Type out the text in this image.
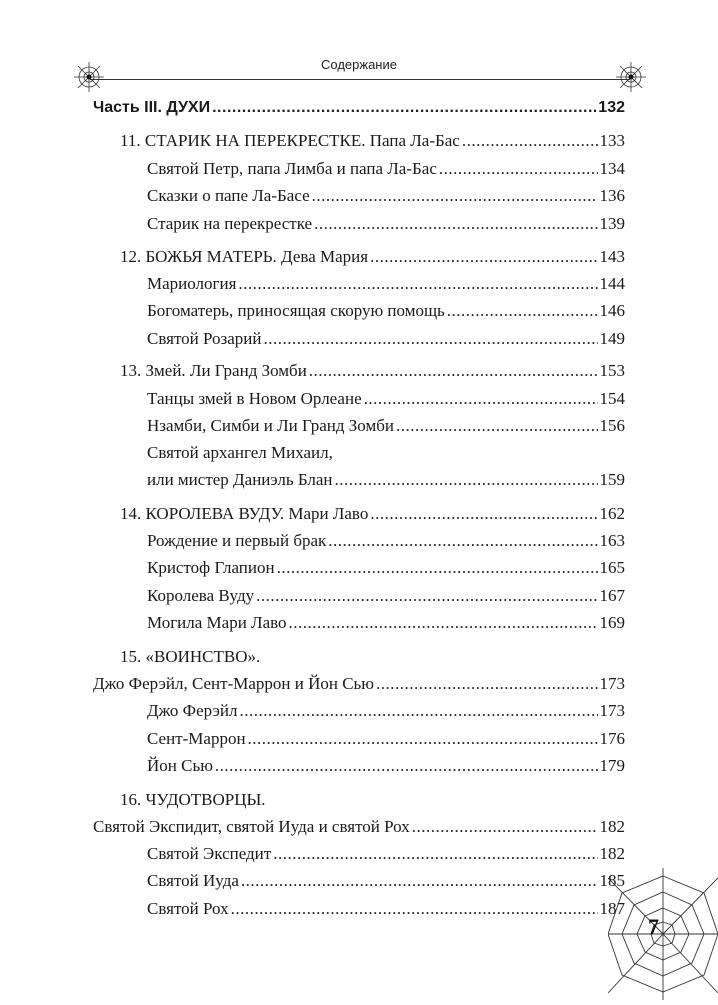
Содержание
Часть III. ДУХИ .....	132
11. СТАРИК НА ПЕРЕКРЕСТКЕ. Папа Ла-Бас .....	133
Святой Петр, папа Лимба и папа Ла-Бас .....	134
Сказки о папе Ла-Басе .....	136
Старик на перекрестке .....	139
12. БОЖЬЯ МАТЕРЬ. Дева Мария .....	143
Мариология .....	144
Богоматерь, приносящая скорую помощь .....	146
Святой Розарий .....	149
13. Змей. Ли Гранд Зомби .....	153
Танцы змей в Новом Орлеане .....	154
Нзамби, Симби и Ли Гранд Зомби .....	156
Святой архангел Михаил,
или мистер Даниэль Блан .....	159
14. КОРОЛЕВА ВУДУ. Мари Лаво .....	162
Рождение и первый брак .....	163
Кристоф Глапион .....	165
Королева Вуду .....	167
Могила Мари Лаво .....	169
15. «ВОИНСТВО».
Джо Ферэйл, Сент-Маррон и Йон Сью .....	173
Джо Ферэйл .....	173
Сент-Маррон .....	176
Йон Сью .....	179
16. ЧУДОТВОРЦЫ.
Святой Экспидит, святой Иуда и святой Рох .....	182
Святой Экспедит .....	182
Святой Иуда .....	185
Святой Рох .....	187
7
